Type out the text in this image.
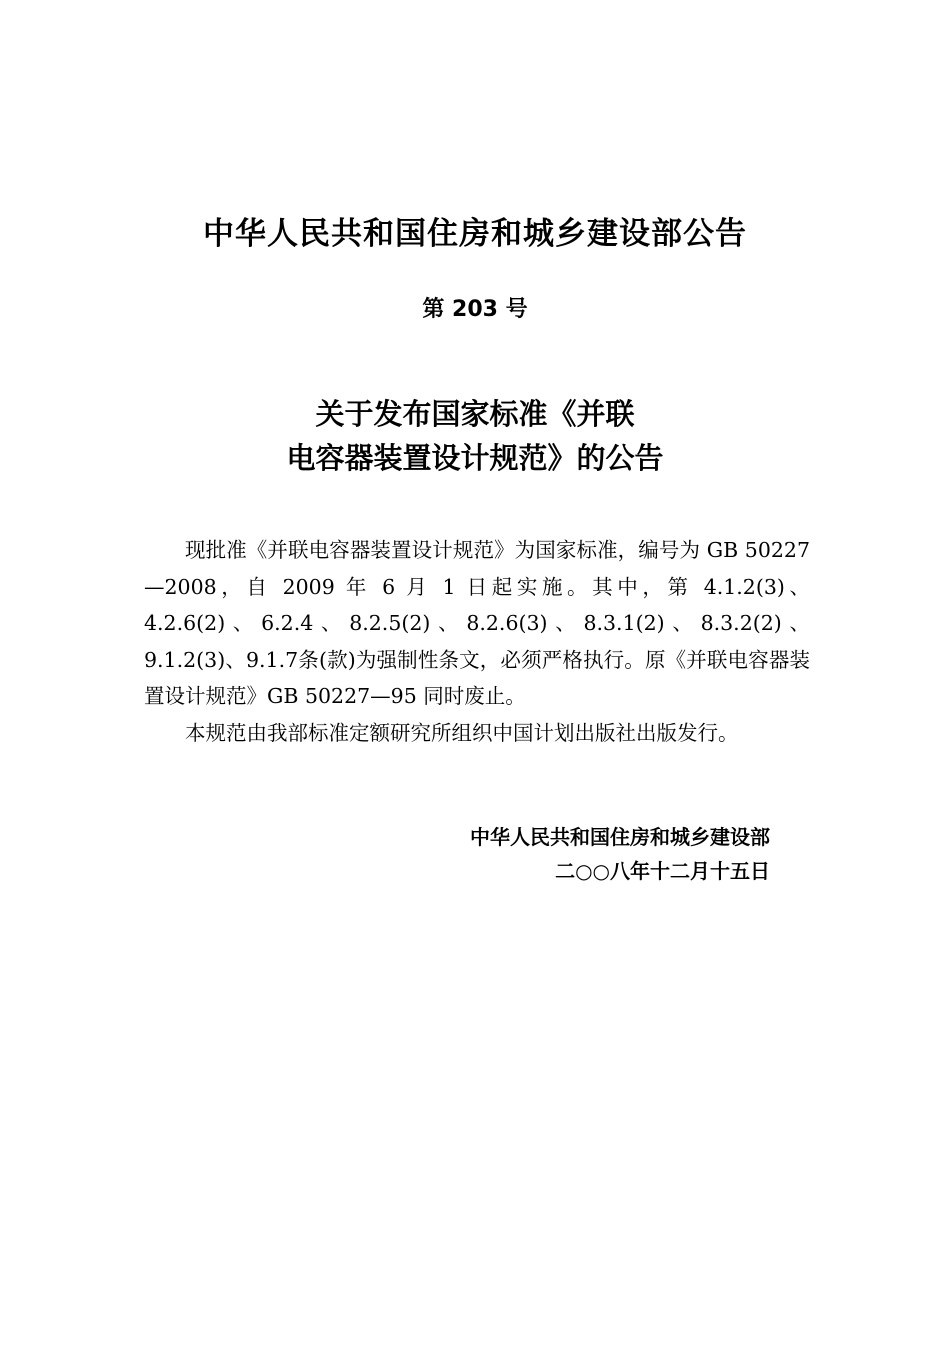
中华人民共和国住房和城乡建设部公告
第 203 号
关于发布国家标准《并联
电容器装置设计规范》的公告

现批准《并联电容器装置设计规范》为国家标准，编号为 GB 50227—2008，自 2009 年 6 月 1 日起实施。其中，第 4.1.2(3)、4.2.6(2)、6.2.4、8.2.5(2)、8.2.6(3)、8.3.1(2)、8.3.2(2)、9.1.2(3)、9.1.7条(款)为强制性条文，必须严格执行。原《并联电容器装置设计规范》GB 50227—95 同时废止。

本规范由我部标准定额研究所组织中国计划出版社出版发行。

中华人民共和国住房和城乡建设部
二○○八年十二月十五日
